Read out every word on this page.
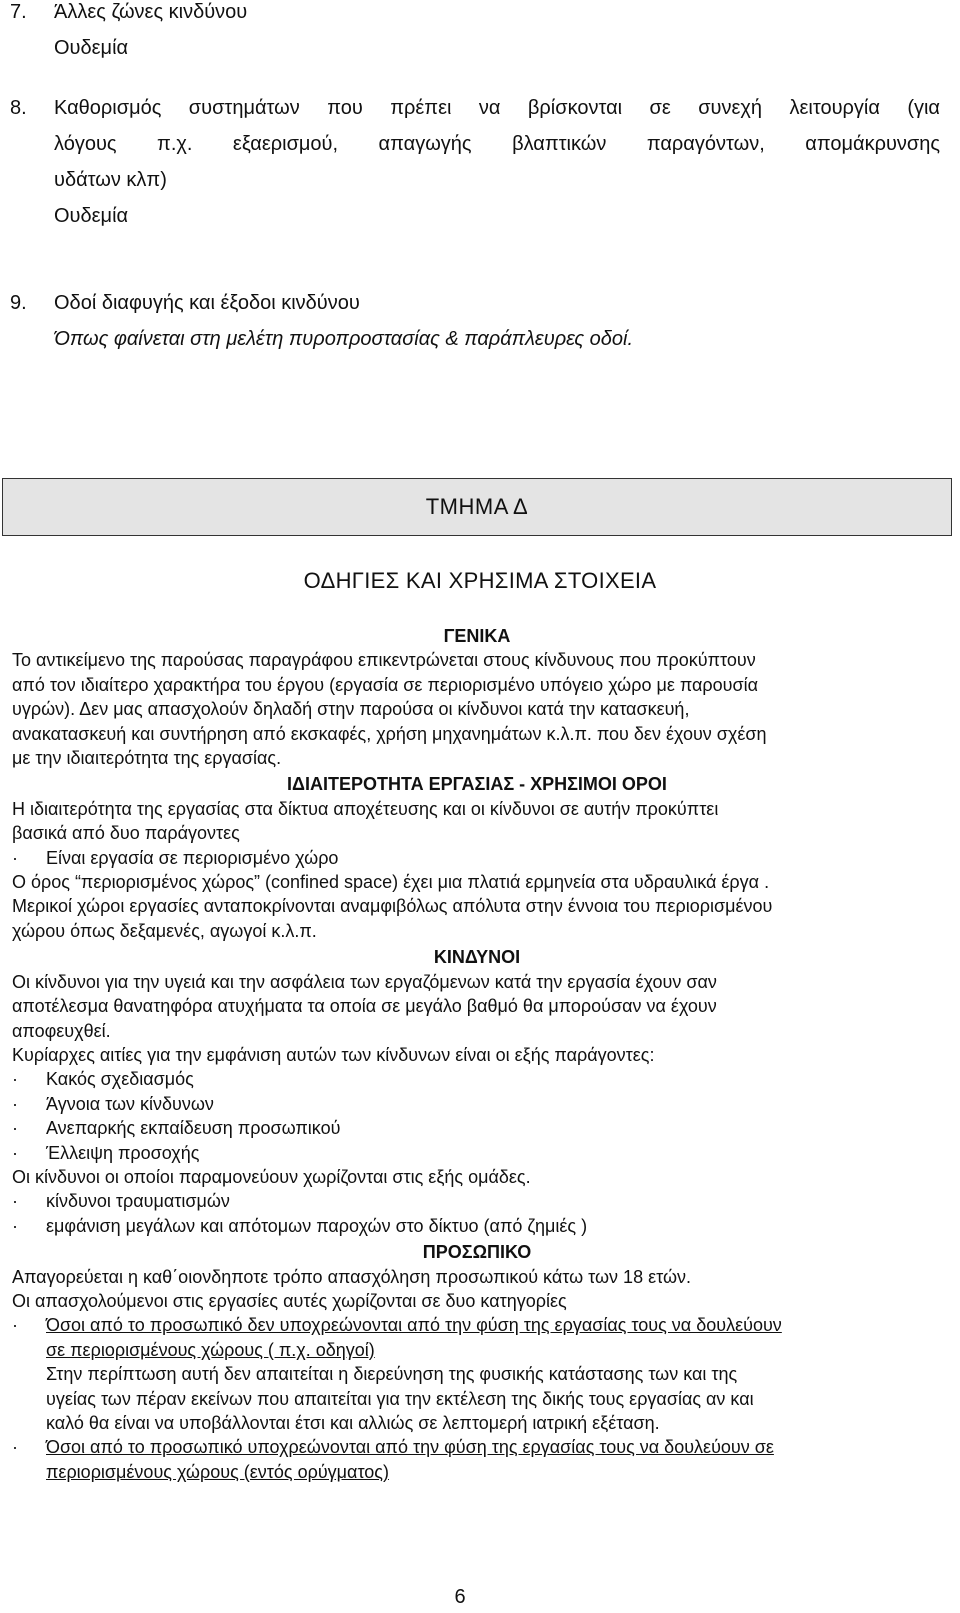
7. Άλλες ζώνες κινδύνου
Ουδεμία
8. Καθορισμός συστημάτων που πρέπει να βρίσκονται σε συνεχή λειτουργία (για
λόγους π.χ. εξαερισμού, απαγωγής βλαπτικών παραγόντων, απομάκρυνσης
υδάτων κλπ)
Ουδεμία
9. Οδοί διαφυγής και έξοδοι κινδύνου
Όπως φαίνεται στη μελέτη πυροπροστασίας & παράπλευρες οδοί.
ΤΜΗΜΑ Δ
ΟΔΗΓΙΕΣ ΚΑΙ ΧΡΗΣΙΜΑ ΣΤΟΙΧΕΙΑ

ΓΕΝΙΚΑ

Το αντικείμενο της παρούσας παραγράφου επικεντρώνεται στους κίνδυνους που προκύπτουν

από τον ιδιαίτερο χαρακτήρα του έργου (εργασία σε περιορισμένο υπόγειο χώρο με παρουσία

υγρών). Δεν μας απασχολούν δηλαδή στην παρούσα οι κίνδυνοι κατά την κατασκευή,

ανακατασκευή και συντήρηση από εκσκαφές, χρήση μηχανημάτων κ.λ.π. που δεν έχουν σχέση

με την ιδιαιτερότητα της εργασίας.

ΙΔΙΑΙΤΕΡΟΤΗΤΑ ΕΡΓΑΣΙΑΣ - ΧΡΗΣΙΜΟΙ ΟΡΟΙ

Η ιδιαιτερότητα της εργασίας στα δίκτυα αποχέτευσης και οι κίνδυνοι σε αυτήν προκύπτει

βασικά από δυο παράγοντες

· Είναι εργασία σε περιορισμένο χώρο

Ο όρος “περιορισμένος χώρος” (confined space) έχει μια πλατιά ερμηνεία στα υδραυλικά έργα .

Μερικοί χώροι εργασίες ανταποκρίνονται αναμφιβόλως απόλυτα στην έννοια του περιορισμένου

χώρου όπως δεξαμενές, αγωγοί κ.λ.π.

ΚΙΝΔΥΝΟΙ

Οι κίνδυνοι για την υγειά και την ασφάλεια των εργαζόμενων κατά την εργασία έχουν σαν

αποτέλεσμα θανατηφόρα ατυχήματα τα οποία σε μεγάλο βαθμό θα μπορούσαν να έχουν

αποφευχθεί.

Κυρίαρχες αιτίες για την εμφάνιση αυτών των κίνδυνων είναι οι εξής παράγοντες:

· Κακός σχεδιασμός

· Άγνοια των κίνδυνων

· Ανεπαρκής εκπαίδευση προσωπικού

· Έλλειψη προσοχής

Οι κίνδυνοι οι οποίοι παραμονεύουν χωρίζονται στις εξής ομάδες.

· κίνδυνοι τραυματισμών

· εμφάνιση μεγάλων και απότομων παροχών στο δίκτυο (από ζημιές )

ΠΡΟΣΩΠΙΚΟ

Απαγορεύεται η καθ΄οιονδηποτε τρόπο απασχόληση προσωπικού κάτω των 18 ετών.

Οι απασχολούμενοι στις εργασίες αυτές χωρίζονται σε δυο κατηγορίες

· Όσοι από το προσωπικό δεν υποχρεώνονται από την φύση της εργασίας τους να δουλεύουν

σε περιορισμένους χώρους ( π.χ. οδηγοί)

Στην περίπτωση αυτή δεν απαιτείται η διερεύνηση της φυσικής κατάστασης των και της

υγείας των πέραν εκείνων που απαιτείται για την εκτέλεση της δικής τους εργασίας αν και

καλό θα είναι να υποβάλλονται έτσι και αλλιώς σε λεπτομερή ιατρική εξέταση.

· Όσοι από το προσωπικό υποχρεώνονται από την φύση της εργασίας τους να δουλεύουν σε

περιορισμένους χώρους (εντός ορύγματος)

6
